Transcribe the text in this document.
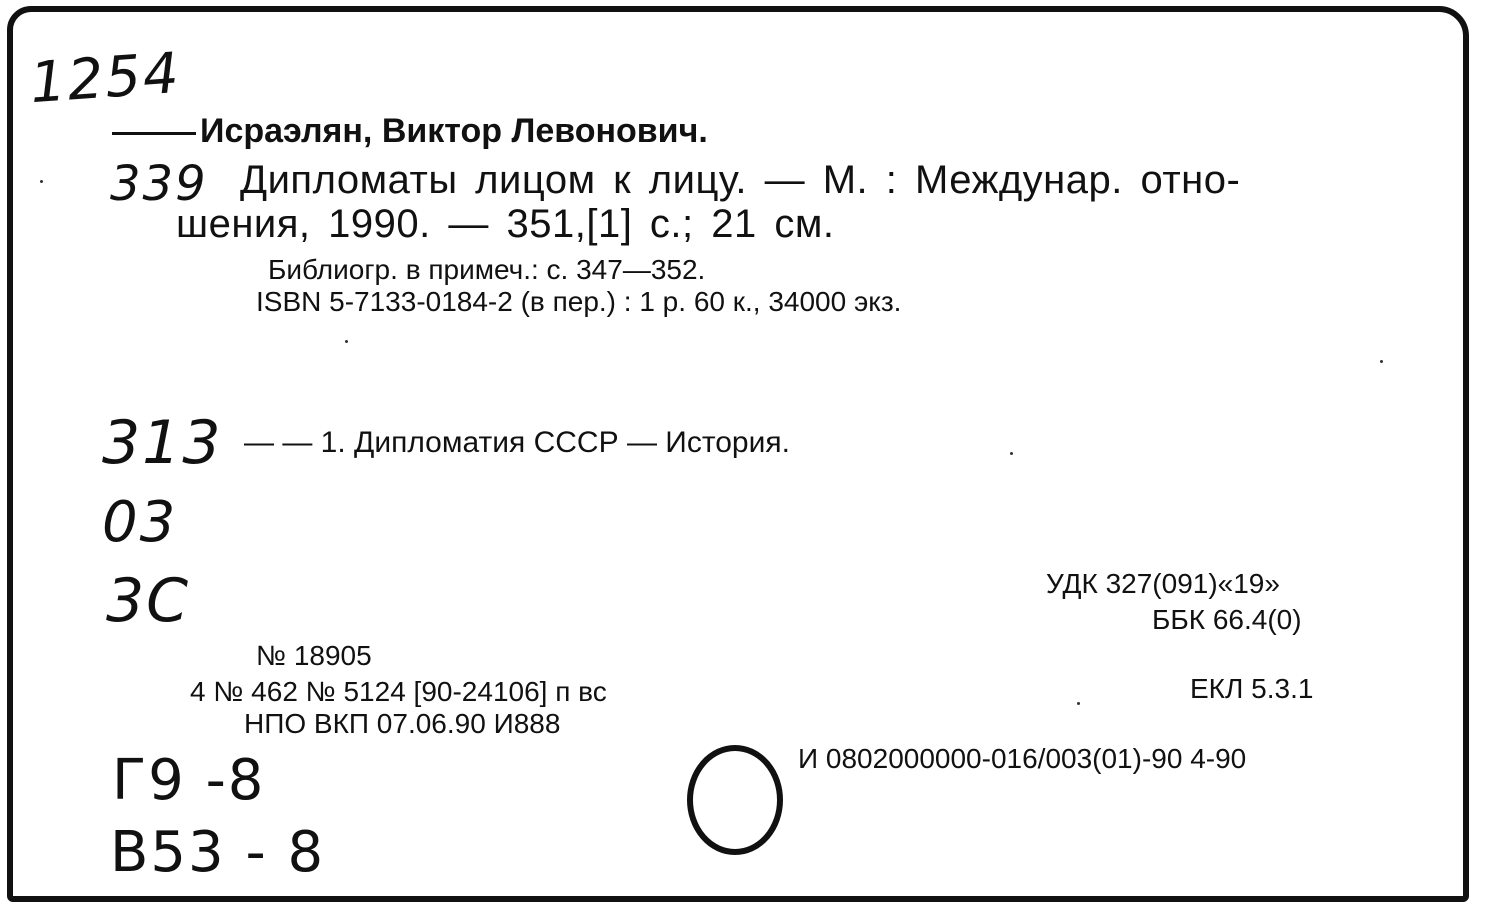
1254
Исраэлян, Виктор Левонович.
339 Дипломаты лицом к лицу. — М. : Междунар. отно-
шения, 1990. — 351,[1] с.; 21 см.
Библиогр. в примеч.: с. 347—352.
ISBN 5-7133-0184-2 (в пер.) : 1 р. 60 к., 34000 экз.
313 — — 1. Дипломатия СССР — История.
03
3C	УДК 327(091)«19»
ББК 66.4(0)
№ 18905
ЕКЛ 5.3.1
4 № 462 № 5124 [90-24106] п вс
НПО ВКП 07.06.90 И888
И 0802000000-016/003(01)-90 4-90
Г9 -8
В53 - 8
